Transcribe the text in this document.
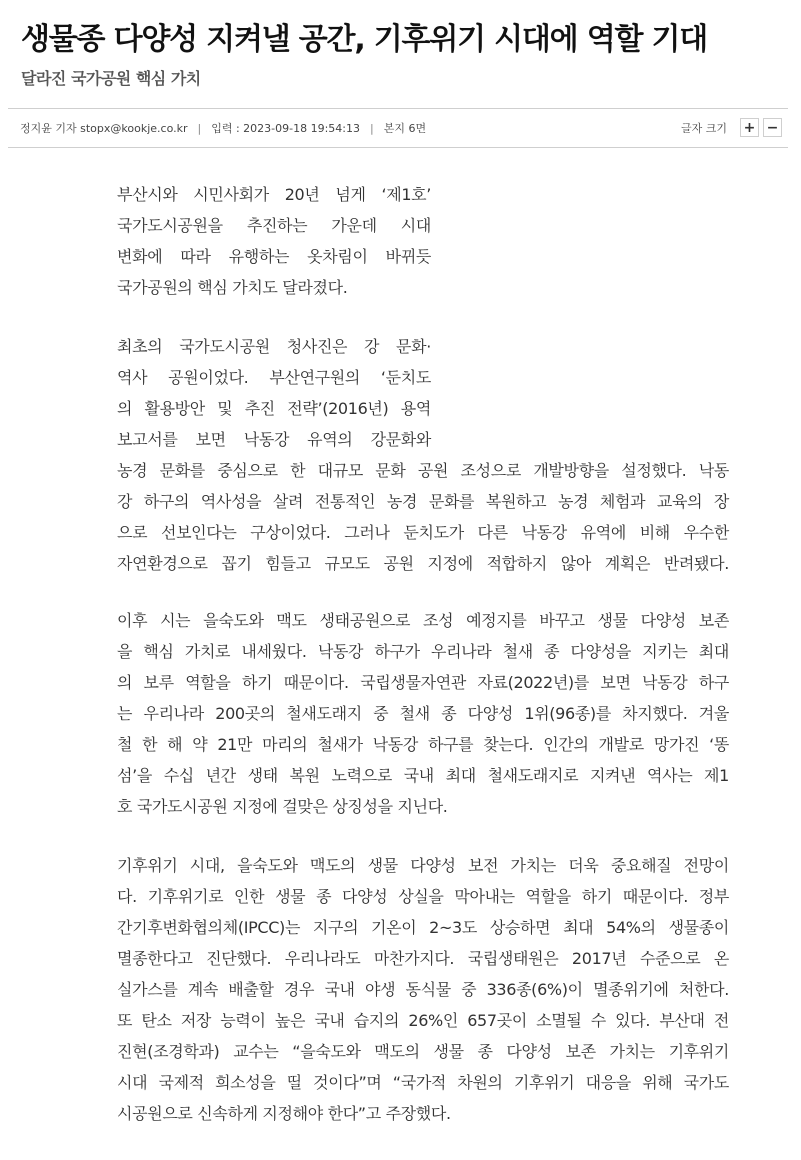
생물종 다양성 지켜낼 공간, 기후위기 시대에 역할 기대
달라진 국가공원 핵심 가치
정지윤 기자 stopx@kookje.co.kr | 입력 : 2023-09-18 19:54:13 | 본지 6면	글자 크기 + −

부산시와 시민사회가 20년 넘게 ‘제1호’
국가도시공원을 추진하는 가운데 시대
변화에 따라 유행하는 옷차림이 바뀌듯
국가공원의 핵심 가치도 달라졌다.

최초의 국가도시공원 청사진은 강 문화·
역사 공원이었다. 부산연구원의 ‘둔치도
의 활용방안 및 추진 전략’(2016년) 용역
보고서를 보면 낙동강 유역의 강문화와
농경 문화를 중심으로 한 대규모 문화 공원 조성으로 개발방향을 설정했다. 낙동
강 하구의 역사성을 살려 전통적인 농경 문화를 복원하고 농경 체험과 교육의 장
으로 선보인다는 구상이었다. 그러나 둔치도가 다른 낙동강 유역에 비해 우수한
자연환경으로 꼽기 힘들고 규모도 공원 지정에 적합하지 않아 계획은 반려됐다.

이후 시는 을숙도와 맥도 생태공원으로 조성 예정지를 바꾸고 생물 다양성 보존
을 핵심 가치로 내세웠다. 낙동강 하구가 우리나라 철새 종 다양성을 지키는 최대
의 보루 역할을 하기 때문이다. 국립생물자연관 자료(2022년)를 보면 낙동강 하구
는 우리나라 200곳의 철새도래지 중 철새 종 다양성 1위(96종)를 차지했다. 겨울
철 한 해 약 21만 마리의 철새가 낙동강 하구를 찾는다. 인간의 개발로 망가진 ‘똥
섬’을 수십 년간 생태 복원 노력으로 국내 최대 철새도래지로 지켜낸 역사는 제1
호 국가도시공원 지정에 걸맞은 상징성을 지닌다.

기후위기 시대, 을숙도와 맥도의 생물 다양성 보전 가치는 더욱 중요해질 전망이
다. 기후위기로 인한 생물 종 다양성 상실을 막아내는 역할을 하기 때문이다. 정부
간기후변화협의체(IPCC)는 지구의 기온이 2~3도 상승하면 최대 54%의 생물종이
멸종한다고 진단했다. 우리나라도 마찬가지다. 국립생태원은 2017년 수준으로 온
실가스를 계속 배출할 경우 국내 야생 동식물 중 336종(6%)이 멸종위기에 처한다.
또 탄소 저장 능력이 높은 국내 습지의 26%인 657곳이 소멸될 수 있다. 부산대 전
진현(조경학과) 교수는 “을숙도와 맥도의 생물 종 다양성 보존 가치는 기후위기
시대 국제적 희소성을 띨 것이다”며 “국가적 차원의 기후위기 대응을 위해 국가도
시공원으로 신속하게 지정해야 한다”고 주장했다.
